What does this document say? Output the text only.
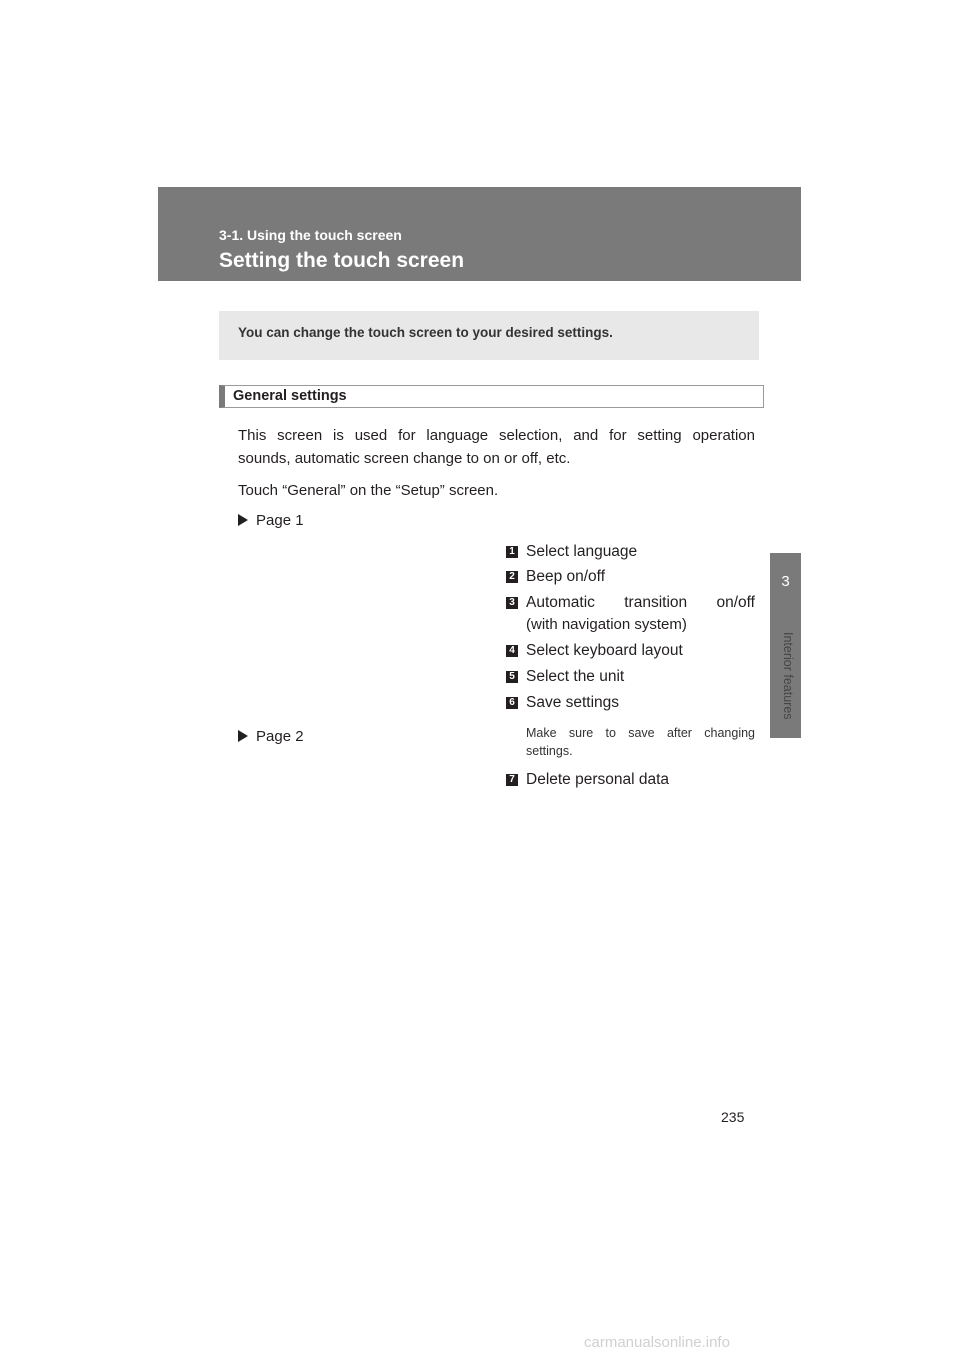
3-1. Using the touch screen
Setting the touch screen
3
Interior features
You can change the touch screen to your desired settings.
General settings
This screen is used for language selection, and for setting operation
sounds, automatic screen change to on or off, etc.
Touch “General” on the “Setup” screen.
Page 1
Page 2
1 Select language
2 Beep on/off
3 Automatic transition on/off
(with navigation system)
4 Select keyboard layout
5 Select the unit
6 Save settings
7 Delete personal data
Make sure to save after changing settings.
235
carmanualsonline.info
